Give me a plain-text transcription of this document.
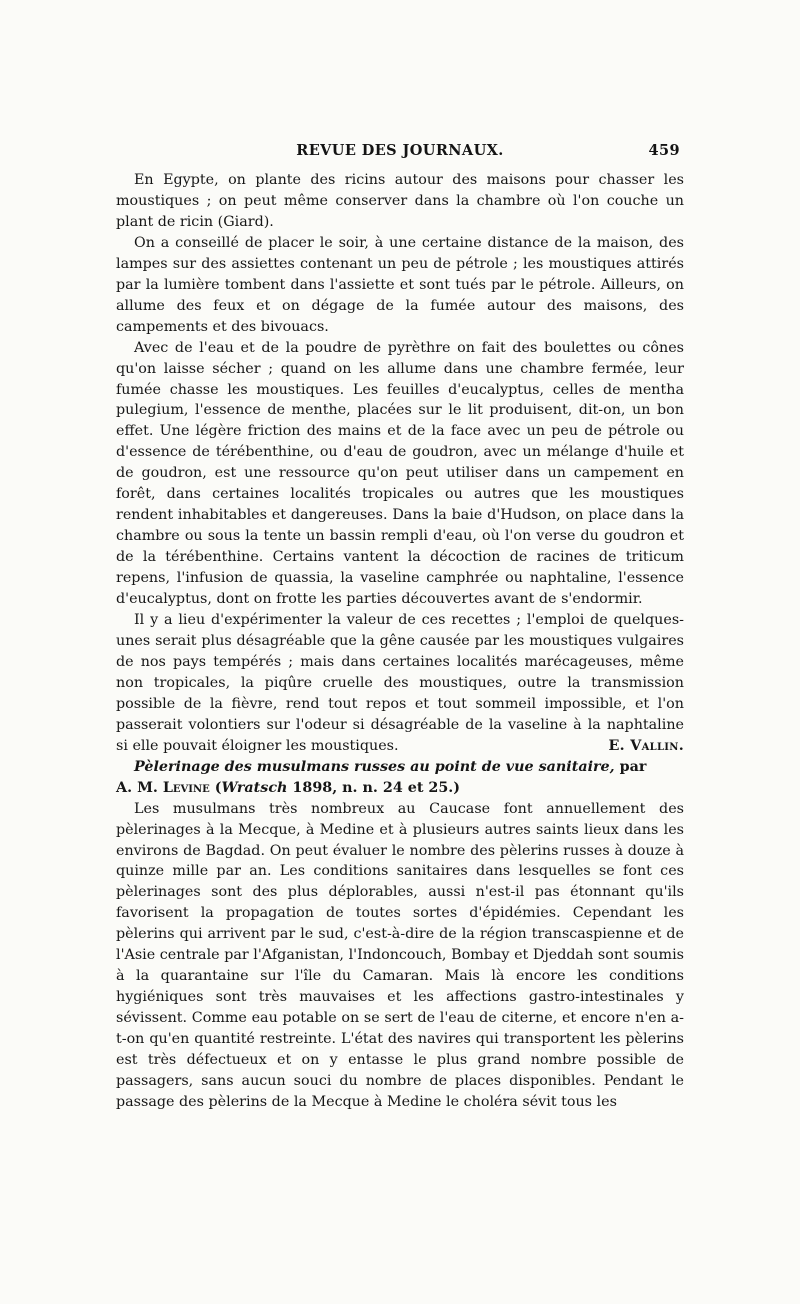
REVUE DES JOURNAUX.	459

En Egypte, on plante des ricins autour des maisons pour chasser les moustiques ; on peut même conserver dans la chambre où l'on couche un plant de ricin (Giard).

On a conseillé de placer le soir, à une certaine distance de la maison, des lampes sur des assiettes contenant un peu de pétrole ; les moustiques attirés par la lumière tombent dans l'assiette et sont tués par le pétrole. Ailleurs, on allume des feux et on dégage de la fumée autour des maisons, des campements et des bivouacs.

Avec de l'eau et de la poudre de pyrèthre on fait des boulettes ou cônes qu'on laisse sécher ; quand on les allume dans une chambre fermée, leur fumée chasse les moustiques. Les feuilles d'eucalyptus, celles de mentha pulegium, l'essence de menthe, placées sur le lit produisent, dit-on, un bon effet. Une légère friction des mains et de la face avec un peu de pétrole ou d'essence de térébenthine, ou d'eau de goudron, avec un mélange d'huile et de goudron, est une ressource qu'on peut utiliser dans un campement en forêt, dans certaines localités tropicales ou autres que les moustiques rendent inhabitables et dangereuses. Dans la baie d'Hudson, on place dans la chambre ou sous la tente un bassin rempli d'eau, où l'on verse du goudron et de la térébenthine. Certains vantent la décoction de racines de triticum repens, l'infusion de quassia, la vaseline camphrée ou naphtaline, l'essence d'eucalyptus, dont on frotte les parties découvertes avant de s'endormir.

Il y a lieu d'expérimenter la valeur de ces recettes ; l'emploi de quelques-unes serait plus désagréable que la gêne causée par les moustiques vulgaires de nos pays tempérés ; mais dans certaines localités marécageuses, même non tropicales, la piqûre cruelle des moustiques, outre la transmission possible de la fièvre, rend tout repos et tout sommeil impossible, et l'on passerait volontiers sur l'odeur si désagréable de la vaseline à la naphtaline si elle pouvait éloigner les moustiques.	E. Vallin.

Pèlerinage des musulmans russes au point de vue sanitaire, par
A. M. Levine (Wratsch 1898, n. n. 24 et 25.)

Les musulmans très nombreux au Caucase font annuellement des pèlerinages à la Mecque, à Medine et à plusieurs autres saints lieux dans les environs de Bagdad. On peut évaluer le nombre des pèlerins russes à douze à quinze mille par an. Les conditions sanitaires dans lesquelles se font ces pèlerinages sont des plus déplorables, aussi n'est-il pas étonnant qu'ils favorisent la propagation de toutes sortes d'épidémies. Cependant les pèlerins qui arrivent par le sud, c'est-à-dire de la région transcaspienne et de l'Asie centrale par l'Afganistan, l'Indoncouch, Bombay et Djeddah sont soumis à la quarantaine sur l'île du Camaran. Mais là encore les conditions hygiéniques sont très mauvaises et les affections gastro-intestinales y sévissent. Comme eau potable on se sert de l'eau de citerne, et encore n'en a-t-on qu'en quantité restreinte. L'état des navires qui transportent les pèlerins est très défectueux et on y entasse le plus grand nombre possible de passagers, sans aucun souci du nombre de places disponibles. Pendant le passage des pèlerins de la Mecque à Medine le choléra sévit tous les
